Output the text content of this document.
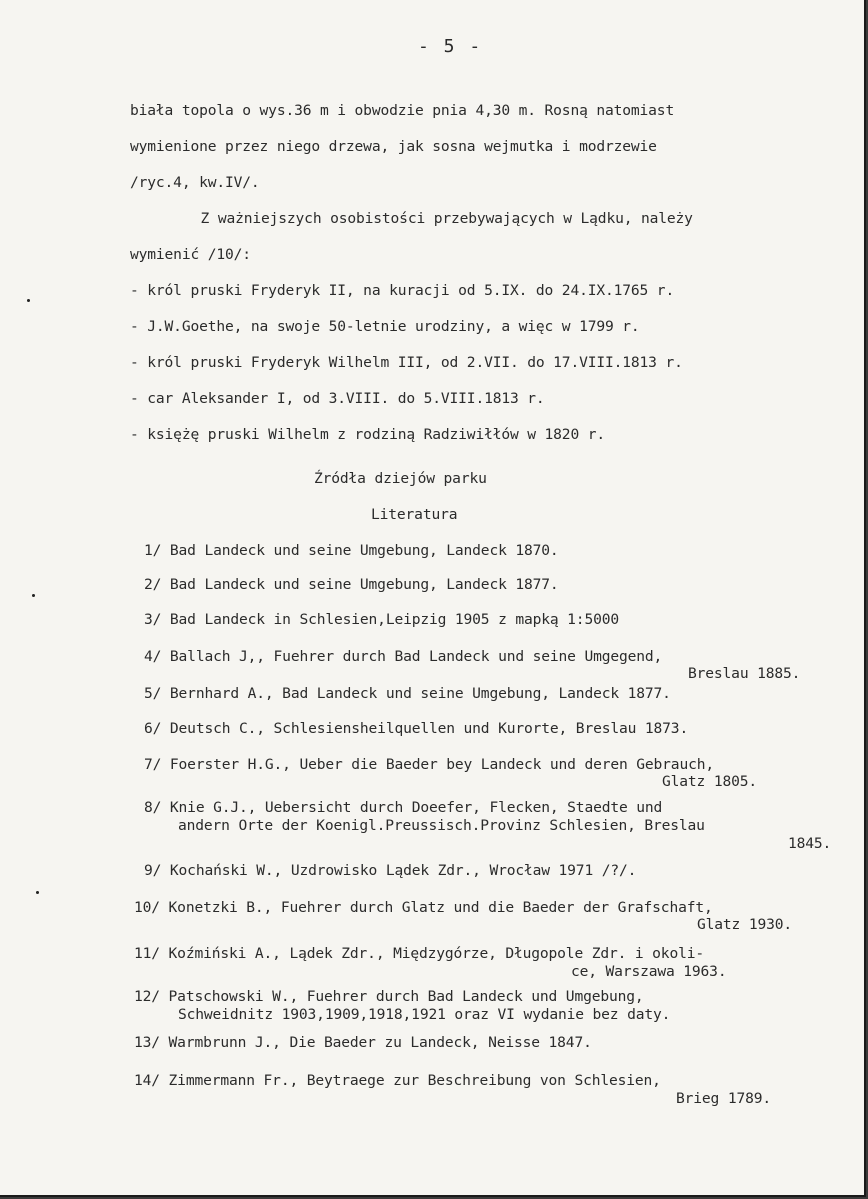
- 5 -
biała topola o wys.36 m i obwodzie pnia 4,30 m. Rosną natomiast
wymienione przez niego drzewa, jak sosna wejmutka i modrzewie
/ryc.4, kw.IV/.
Z ważniejszych osobistości przebywających w Lądku, należy
wymienić /10/:
- król pruski Fryderyk II, na kuracji od 5.IX. do 24.IX.1765 r.
- J.W.Goethe, na swoje 50-letnie urodziny, a więc w 1799 r.
- król pruski Fryderyk Wilhelm III, od 2.VII. do 17.VIII.1813 r.
- car Aleksander I, od 3.VIII. do 5.VIII.1813 r.
- księżę pruski Wilhelm z rodziną Radziwiłłów w 1820 r.
Źródła dziejów parku
Literatura
1/ Bad Landeck und seine Umgebung, Landeck 1870.
2/ Bad Landeck und seine Umgebung, Landeck 1877.
3/ Bad Landeck in Schlesien,Leipzig 1905 z mapką 1:5000
4/ Ballach J,, Fuehrer durch Bad Landeck und seine Umgegend,
Breslau 1885.
5/ Bernhard A., Bad Landeck und seine Umgebung, Landeck 1877.
6/ Deutsch C., Schlesiensheilquellen und Kurorte, Breslau 1873.
7/ Foerster H.G., Ueber die Baeder bey Landeck und deren Gebrauch,
Glatz 1805.
8/ Knie G.J., Uebersicht durch Doeefer, Flecken, Staedte und
andern Orte der Koenigl.Preussisch.Provinz Schlesien, Breslau
1845.
9/ Kochański W., Uzdrowisko Lądek Zdr., Wrocław 1971 /?/.
10/ Konetzki B., Fuehrer durch Glatz und die Baeder der Grafschaft,
Glatz 1930.
11/ Koźmiński A., Lądek Zdr., Międzygórze, Długopole Zdr. i okoli-
ce, Warszawa 1963.
12/ Patschowski W., Fuehrer durch Bad Landeck und Umgebung,
Schweidnitz 1903,1909,1918,1921 oraz VI wydanie bez daty.
13/ Warmbrunn J., Die Baeder zu Landeck, Neisse 1847.
14/ Zimmermann Fr., Beytraege zur Beschreibung von Schlesien,
Brieg 1789.
